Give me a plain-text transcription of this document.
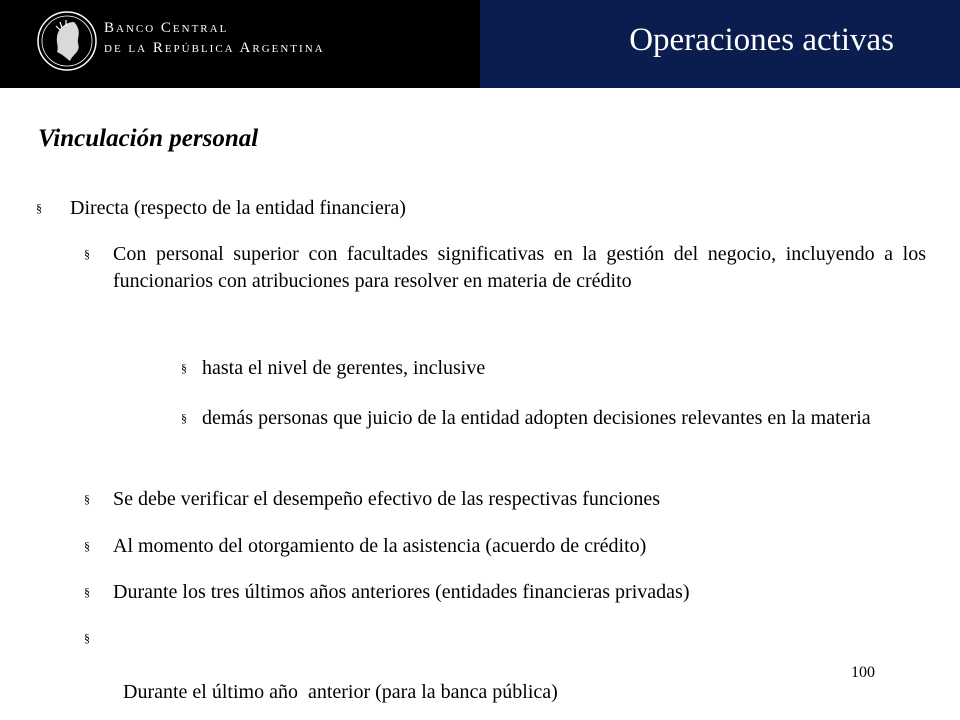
Banco Central
de la República Argentina	Operaciones activas
Vinculación personal
§ Directa (respecto de la entidad financiera)
§ Con personal superior con facultades significativas en la gestión del negocio, incluyendo a los funcionarios con atribuciones para resolver en materia de crédito
§ hasta el nivel de gerentes, inclusive
§ demás personas que juicio de la entidad adopten decisiones relevantes en la materia
§ Se debe verificar el desempeño efectivo de las respectivas funciones
§ Al momento del otorgamiento de la asistencia (acuerdo de crédito)
§ Durante los tres últimos años anteriores (entidades financieras privadas)

§

Durante el último año  anterior (para la banca pública)

100
